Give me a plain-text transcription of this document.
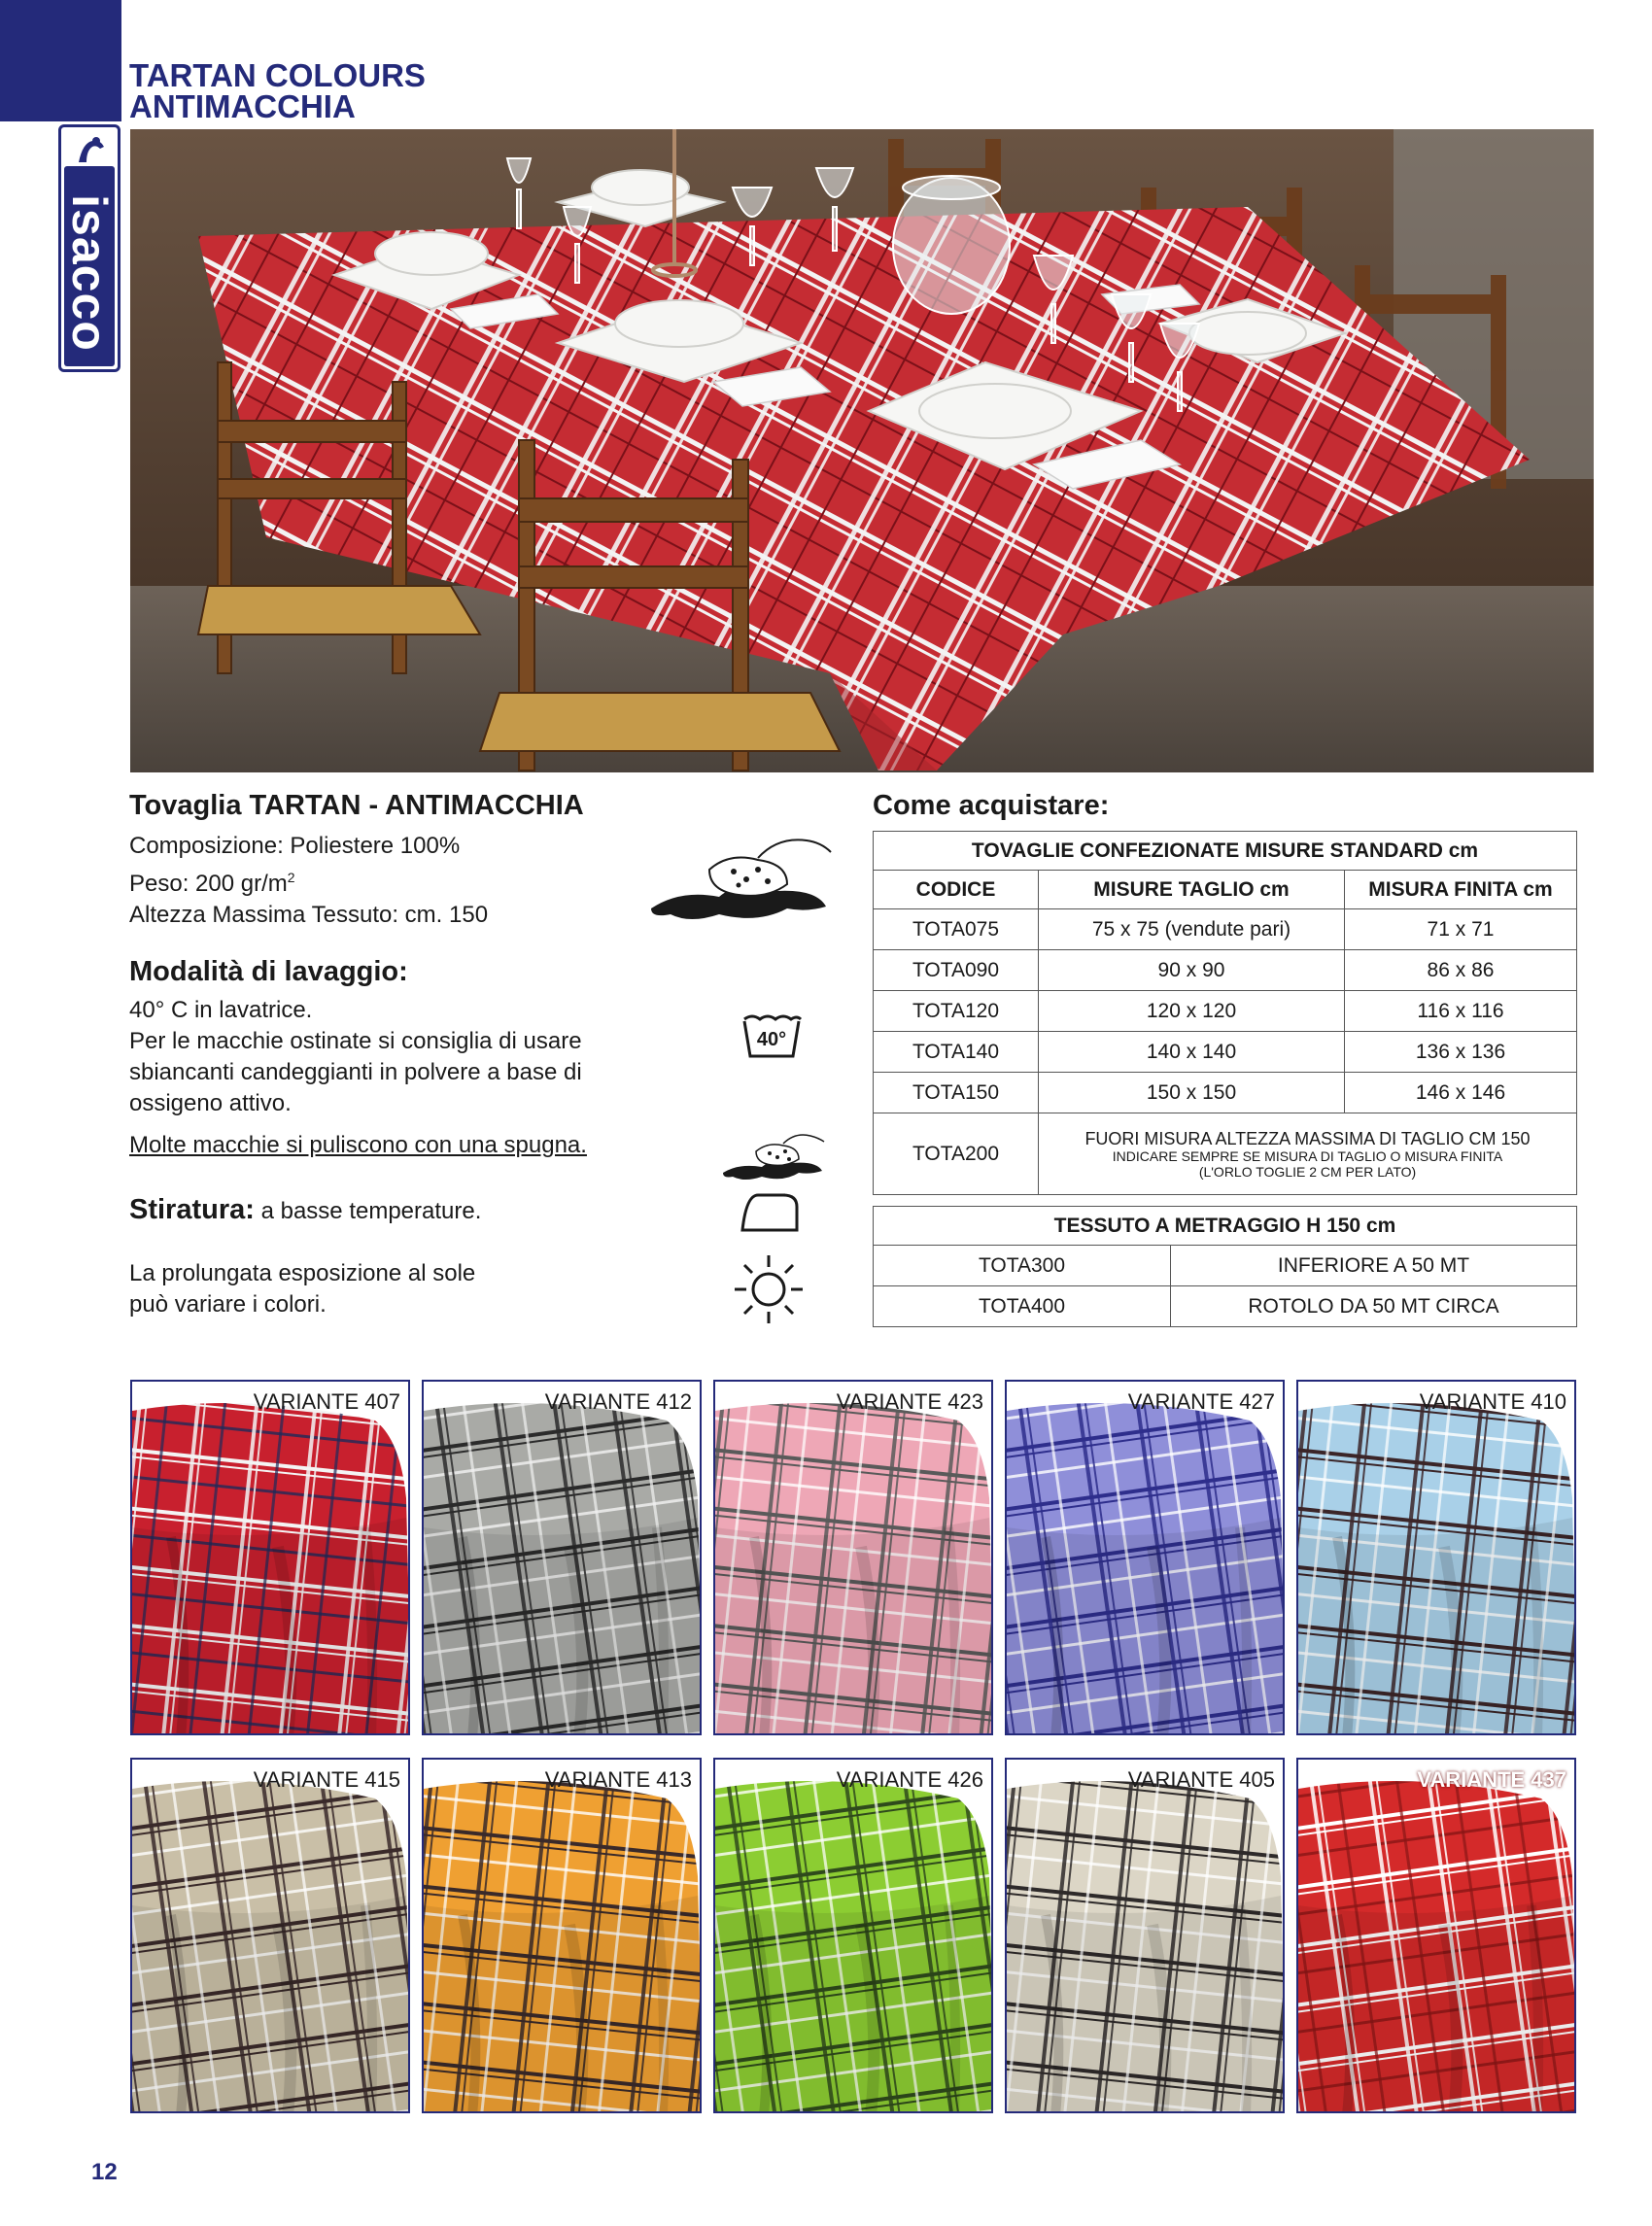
isacco
TARTAN COLOURS
ANTIMACCHIA
Tovaglia TARTAN - ANTIMACCHIA
Composizione: Poliestere 100%
Peso: 200 $gr/m^2$
Altezza Massima Tessuto: cm. 150
Modalità di lavaggio:
40° C in lavatrice.
Per le macchie ostinate si consiglia di usare
sbiancanti candeggianti in polvere a base di
ossigeno attivo.
40°
Molte macchie si puliscono con una spugna.
Stiratura: a basse temperature.
La prolungata esposizione al sole
può variare i colori.
Come acquistare:
TOVAGLIE CONFEZIONATE MISURE STANDARD cm		
CODICE	MISURE TAGLIO cm	MISURA FINITA cm
TOTA075	75 x 75 (vendute pari)	71 x 71
TOTA090	90 x 90	86 x 86
TOTA120	120 x 120	116 x 116
TOTA140	140 x 140	136 x 136
TOTA150	150 x 150	146 x 146
TOTA200	FUORI MISURA ALTEZZA MASSIMA DI TAGLIO CM 150
INDICARE SEMPRE SE MISURA DI TAGLIO O MISURA FINITA
(L'ORLO TOGLIE 2 CM PER LATO)	
TESSUTO A METRAGGIO H 150 cm	
TOTA300	INFERIORE A 50 MT
TOTA400	ROTOLO DA 50 MT CIRCA
VARIANTE 407	VARIANTE 412	VARIANTE 423	VARIANTE 427	VARIANTE 410
VARIANTE 415	VARIANTE 413	VARIANTE 426	VARIANTE 405	VARIANTE 437
12
